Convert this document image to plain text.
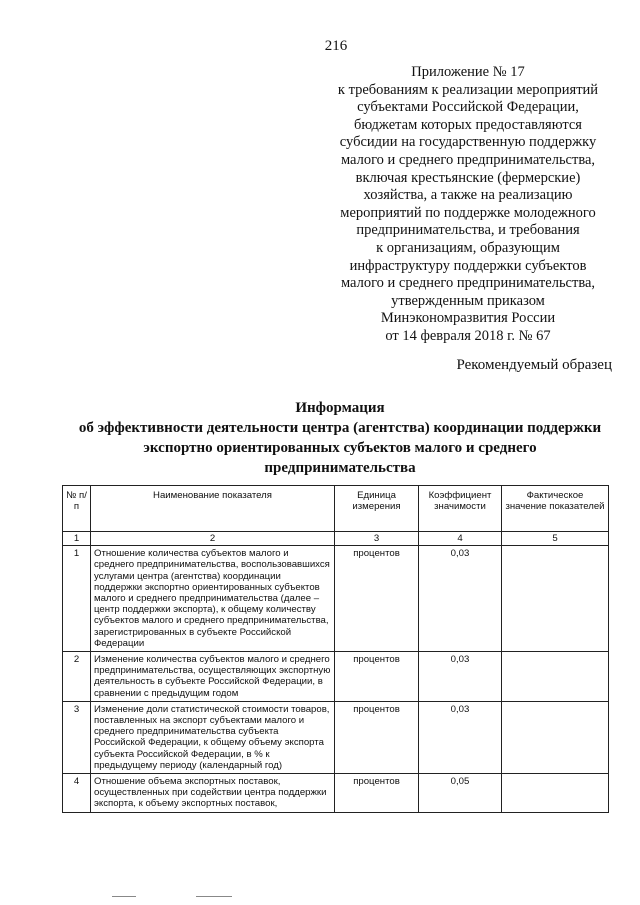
216
Приложение № 17
к требованиям к реализации мероприятий
субъектами Российской Федерации,
бюджетам которых предоставляются
субсидии на государственную поддержку
малого и среднего предпринимательства,
включая крестьянские (фермерские)
хозяйства, а также на реализацию
мероприятий по поддержке молодежного
предпринимательства, и требования
к организациям, образующим
инфраструктуру поддержки субъектов
малого и среднего предпринимательства,
утвержденным приказом
Минэкономразвития России
от 14 февраля 2018 г. № 67
Рекомендуемый образец
Информация
об эффективности деятельности центра (агентства) координации поддержки
экспортно ориентированных субъектов малого и среднего
предпринимательства
№ п/п	Наименование показателя	Единица измерения	Коэффициент значимости	Фактическое значение показателей
1	2	3	4	5
1	Отношение количества субъектов малого и среднего предпринимательства, воспользовавшихся услугами центра (агентства) координации поддержки экспортно ориентированных субъектов малого и среднего предпринимательства (далее – центр поддержки экспорта), к общему количеству субъектов малого и среднего предпринимательства, зарегистрированных в субъекте Российской Федерации	процентов	0,03	
2	Изменение количества субъектов малого и среднего предпринимательства, осуществляющих экспортную деятельность в субъекте Российской Федерации, в сравнении с предыдущим годом	процентов	0,03	
3	Изменение доли статистической стоимости товаров, поставленных на экспорт субъектами малого и среднего предпринимательства субъекта Российской Федерации, к общему объему экспорта субъекта Российской Федерации, в % к предыдущему периоду (календарный год)	процентов	0,03	
4	Отношение объема экспортных поставок, осуществленных при содействии центра поддержки экспорта, к объему экспортных поставок,	процентов	0,05	
